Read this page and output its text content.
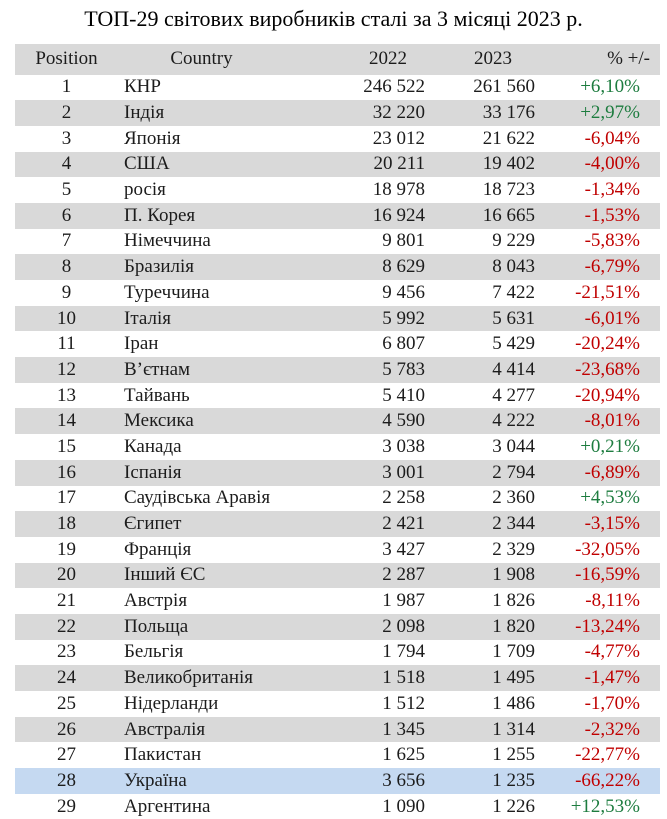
ТОП-29 світових виробників сталі за 3 місяці 2023 р.
Position	Country	2022	2023	% +/-
1	КНР	246 522	261 560	+6,10%
2	Індія	32 220	33 176	+2,97%
3	Японія	23 012	21 622	-6,04%
4	США	20 211	19 402	-4,00%
5	росія	18 978	18 723	-1,34%
6	П. Корея	16 924	16 665	-1,53%
7	Німеччина	9 801	9 229	-5,83%
8	Бразилія	8 629	8 043	-6,79%
9	Туреччина	9 456	7 422	-21,51%
10	Італія	5 992	5 631	-6,01%
11	Іран	6 807	5 429	-20,24%
12	В’єтнам	5 783	4 414	-23,68%
13	Тайвань	5 410	4 277	-20,94%
14	Мексика	4 590	4 222	-8,01%
15	Канада	3 038	3 044	+0,21%
16	Іспанія	3 001	2 794	-6,89%
17	Саудівська Аравія	2 258	2 360	+4,53%
18	Єгипет	2 421	2 344	-3,15%
19	Франція	3 427	2 329	-32,05%
20	Інший ЄС	2 287	1 908	-16,59%
21	Австрія	1 987	1 826	-8,11%
22	Польща	2 098	1 820	-13,24%
23	Бельгія	1 794	1 709	-4,77%
24	Великобританія	1 518	1 495	-1,47%
25	Нідерланди	1 512	1 486	-1,70%
26	Австралія	1 345	1 314	-2,32%
27	Пакистан	1 625	1 255	-22,77%
28	Україна	3 656	1 235	-66,22%
29	Аргентина	1 090	1 226	+12,53%
